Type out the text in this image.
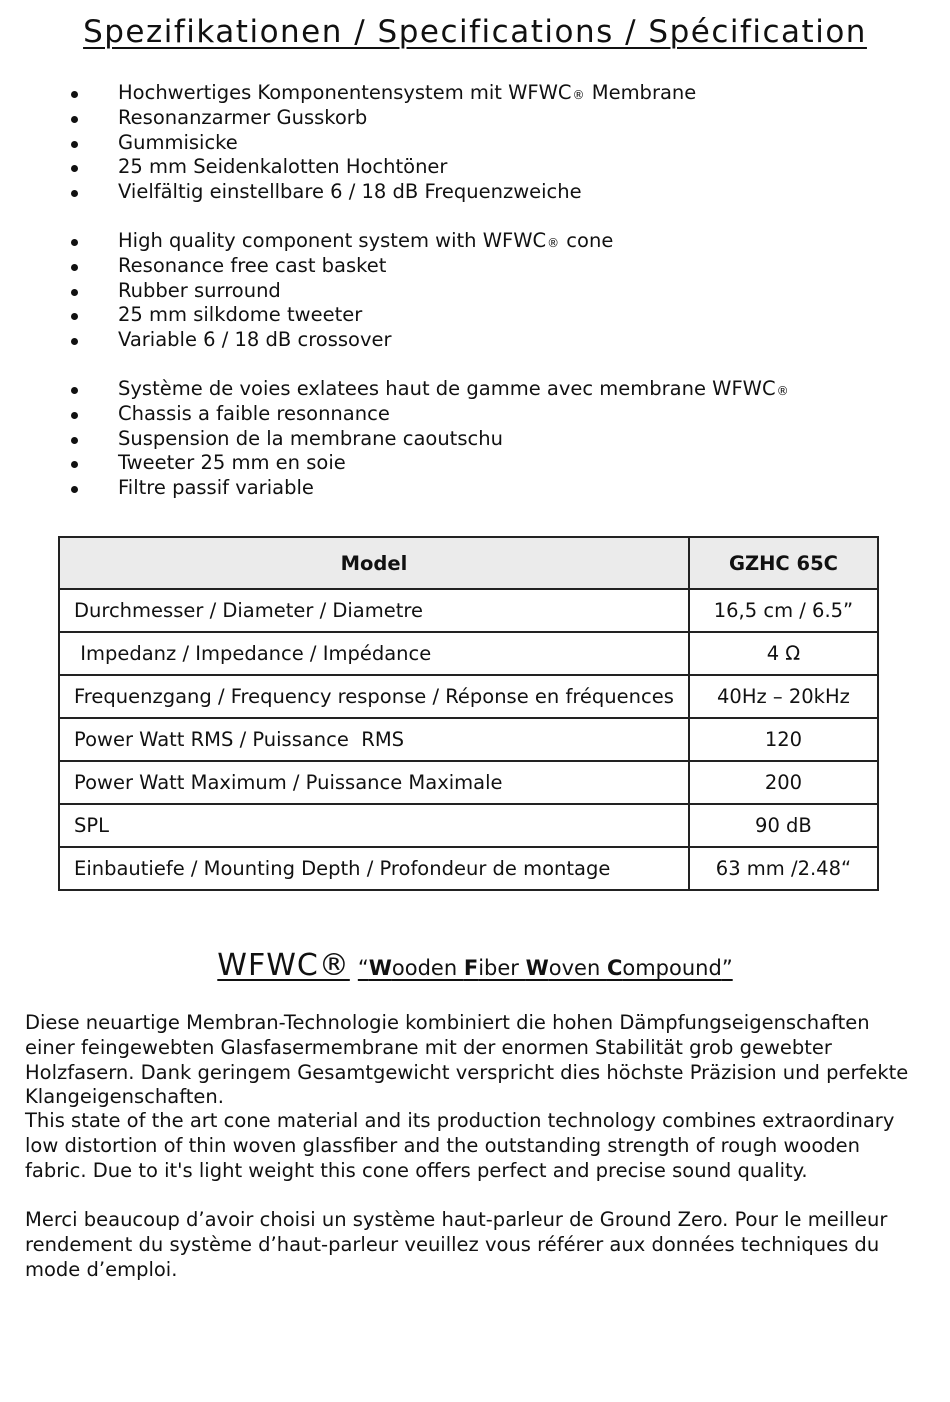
Spezifikationen / Specifications / Spécification
Hochwertiges Komponentensystem mit WFWC® Membrane
Resonanzarmer Gusskorb
Gummisicke
25 mm Seidenkalotten Hochtöner
Vielfältig einstellbare 6 / 18 dB Frequenzweiche
High quality component system with WFWC® cone
Resonance free cast basket
Rubber surround
25 mm silkdome tweeter
Variable 6 / 18 dB crossover
Système de voies exlatees haut de gamme avec membrane WFWC®
Chassis a faible resonnance
Suspension de la membrane caoutschu
Tweeter 25 mm en soie
Filtre passif variable
Model	GZHC 65C
Durchmesser / Diameter / Diametre	16,5 cm / 6.5”
Impedanz / Impedance / Impédance	4 Ω
Frequenzgang / Frequency response / Réponse en fréquences	40Hz – 20kHz
Power Watt RMS / Puissance  RMS	120
Power Watt Maximum / Puissance Maximale	200
SPL	90 dB
Einbautiefe / Mounting Depth / Profondeur de montage	63 mm /2.48“
WFWC® “Wooden Fiber Woven Compound”

Diese neuartige Membran-Technologie kombiniert die hohen Dämpfungseigenschaften einer feingewebten Glasfasermembrane mit der enormen Stabilität grob gewebter Holzfasern. Dank geringem Gesamtgewicht verspricht dies höchste Präzision und perfekte Klangeigenschaften.

This state of the art cone material and its production technology combines extraordinary low distortion of thin woven glassfiber and the outstanding strength of rough wooden fabric. Due to it's light weight this cone offers perfect and precise sound quality.

Merci beaucoup d’avoir choisi un système haut-parleur de Ground Zero. Pour le meilleur rendement du système d’haut-parleur veuillez vous référer aux données techniques du mode d’emploi.
